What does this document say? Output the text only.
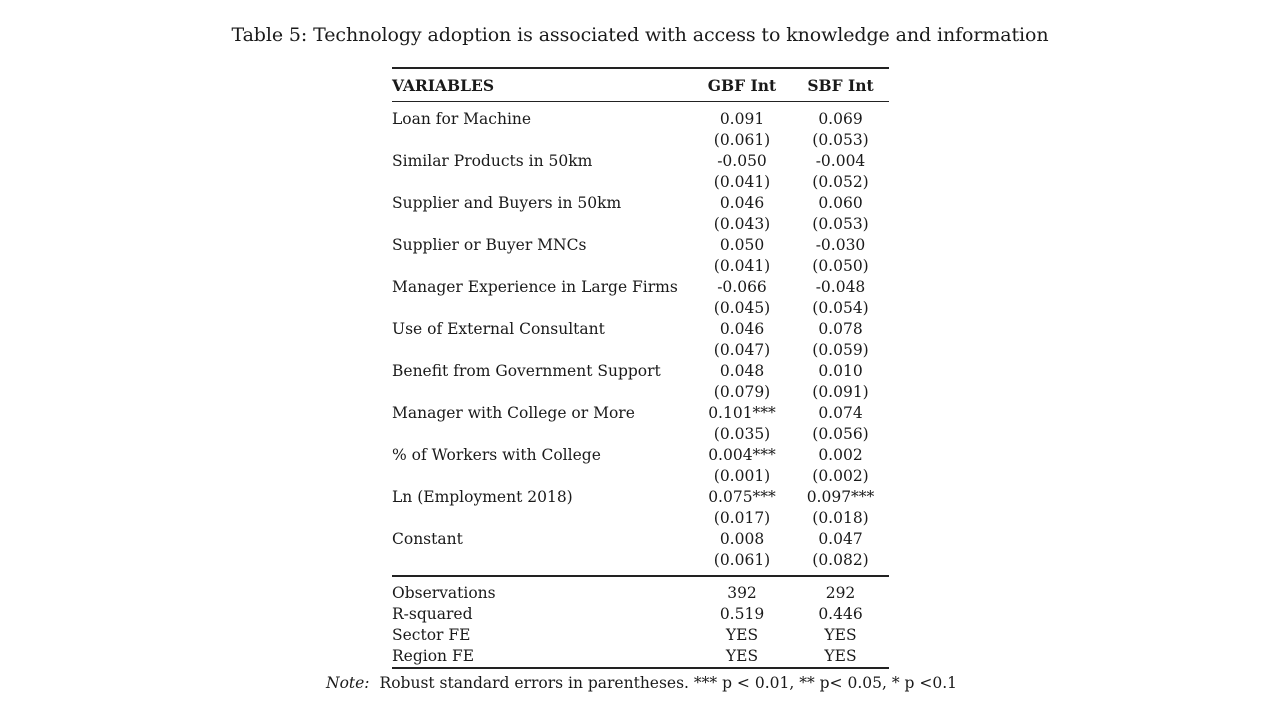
Table 5: Technology adoption is associated with access to knowledge and information
VARIABLES	GBF Int	SBF Int

Loan for Machine	0.091	0.069
	(0.061)	(0.053)
Similar Products in 50km	-0.050	-0.004
	(0.041)	(0.052)
Supplier and Buyers in 50km	0.046	0.060
	(0.043)	(0.053)
Supplier or Buyer MNCs	0.050	-0.030
	(0.041)	(0.050)
Manager Experience in Large Firms	-0.066	-0.048
	(0.045)	(0.054)
Use of External Consultant	0.046	0.078
	(0.047)	(0.059)
Benefit from Government Support	0.048	0.010
	(0.079)	(0.091)
Manager with College or More	0.101***	0.074
	(0.035)	(0.056)
% of Workers with College	0.004***	0.002
	(0.001)	(0.002)
Ln (Employment 2018)	0.075***	0.097***
	(0.017)	(0.018)
Constant	0.008	0.047
	(0.061)	(0.082)

Observations	392	292
R-squared	0.519	0.446
Sector FE	YES	YES
Region FE	YES	YES
Note: Robust standard errors in parentheses. *** p < 0.01, ** p< 0.05, * p <0.1
